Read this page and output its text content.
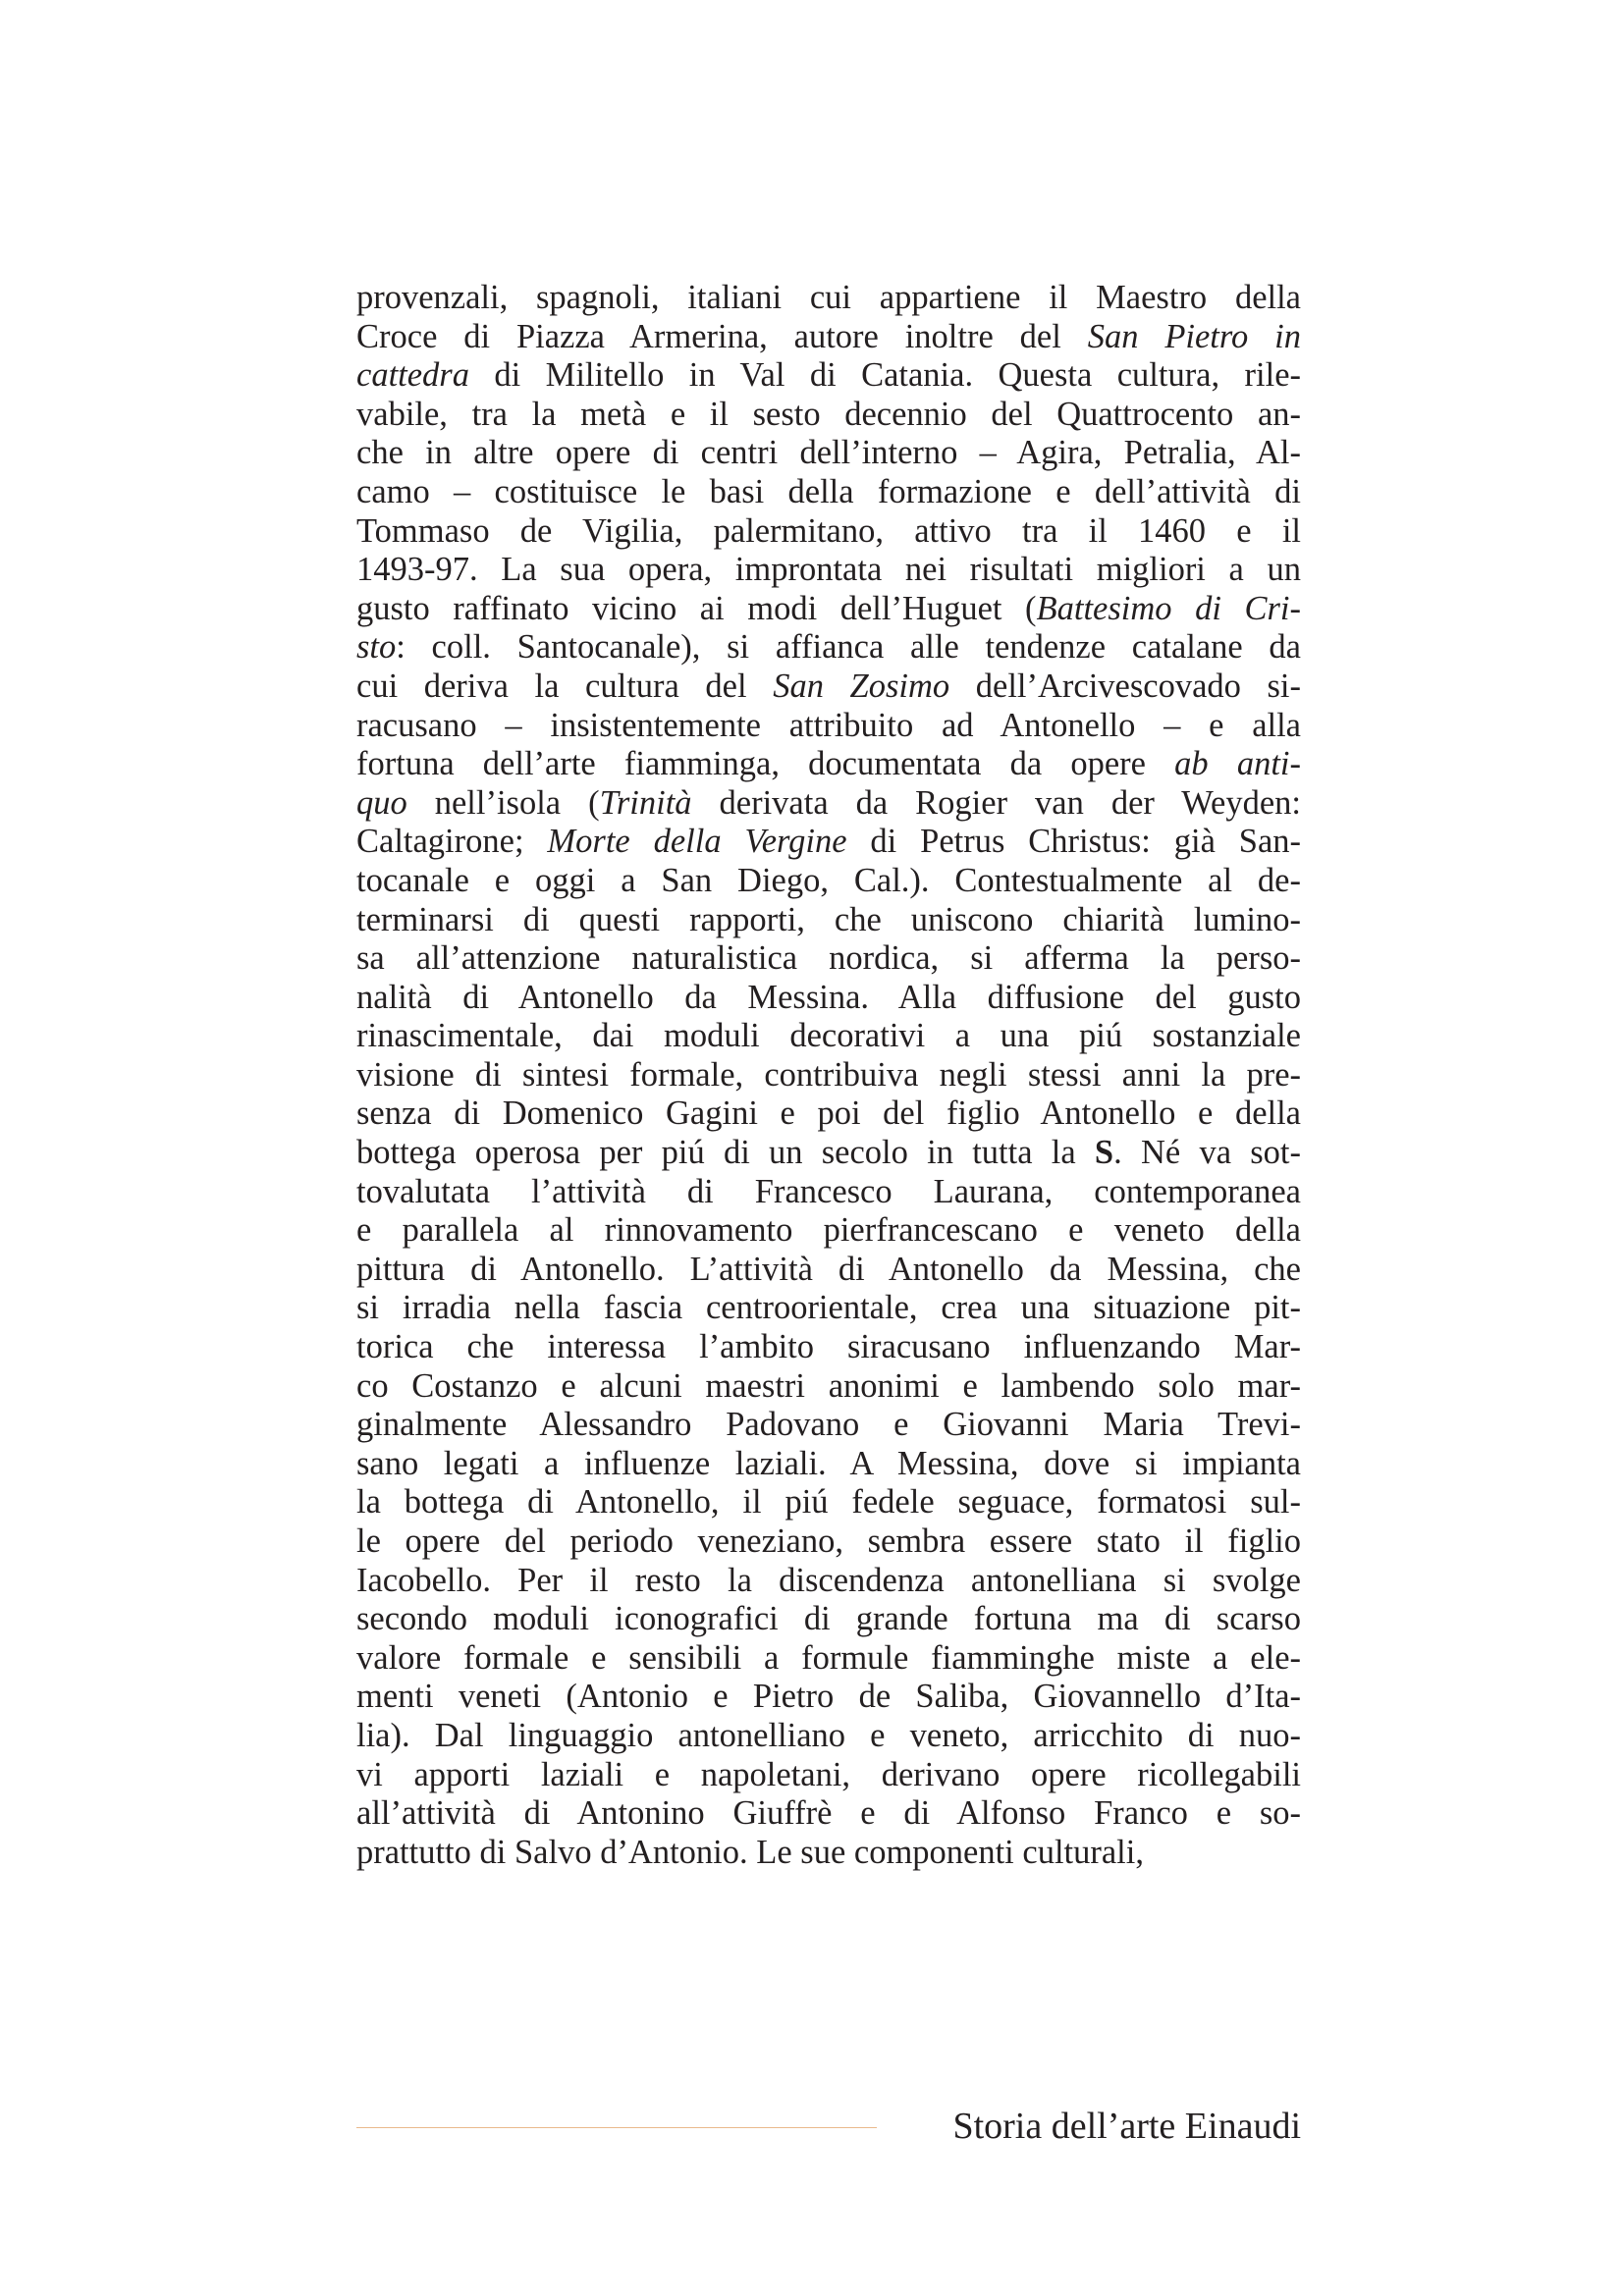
provenzali, spagnoli, italiani cui appartiene il Maestro della
Croce di Piazza Armerina, autore inoltre del San Pietro in
cattedra di Militello in Val di Catania. Questa cultura, rile-
vabile, tra la metà e il sesto decennio del Quattrocento an-
che in altre opere di centri dell’interno – Agira, Petralia, Al-
camo – costituisce le basi della formazione e dell’attività di
Tommaso de Vigilia, palermitano, attivo tra il 1460 e il
1493-97. La sua opera, improntata nei risultati migliori a un
gusto raffinato vicino ai modi dell’Huguet (Battesimo di Cri-
sto: coll. Santocanale), si affianca alle tendenze catalane da
cui deriva la cultura del San Zosimo dell’Arcivescovado si-
racusano – insistentemente attribuito ad Antonello – e alla
fortuna dell’arte fiamminga, documentata da opere ab anti-
quo nell’isola (Trinità derivata da Rogier van der Weyden:
Caltagirone; Morte della Vergine di Petrus Christus: già San-
tocanale e oggi a San Diego, Cal.). Contestualmente al de-
terminarsi di questi rapporti, che uniscono chiarità lumino-
sa all’attenzione naturalistica nordica, si afferma la perso-
nalità di Antonello da Messina. Alla diffusione del gusto
rinascimentale, dai moduli decorativi a una piú sostanziale
visione di sintesi formale, contribuiva negli stessi anni la pre-
senza di Domenico Gagini e poi del figlio Antonello e della
bottega operosa per piú di un secolo in tutta la S. Né va sot-
tovalutata l’attività di Francesco Laurana, contemporanea
e parallela al rinnovamento pierfrancescano e veneto della
pittura di Antonello. L’attività di Antonello da Messina, che
si irradia nella fascia centroorientale, crea una situazione pit-
torica che interessa l’ambito siracusano influenzando Mar-
co Costanzo e alcuni maestri anonimi e lambendo solo mar-
ginalmente Alessandro Padovano e Giovanni Maria Trevi-
sano legati a influenze laziali. A Messina, dove si impianta
la bottega di Antonello, il piú fedele seguace, formatosi sul-
le opere del periodo veneziano, sembra essere stato il figlio
Iacobello. Per il resto la discendenza antonelliana si svolge
secondo moduli iconografici di grande fortuna ma di scarso
valore formale e sensibili a formule fiamminghe miste a ele-
menti veneti (Antonio e Pietro de Saliba, Giovannello d’Ita-
lia). Dal linguaggio antonelliano e veneto, arricchito di nuo-
vi apporti laziali e napoletani, derivano opere ricollegabili
all’attività di Antonino Giuffrè e di Alfonso Franco e so-
prattutto di Salvo d’Antonio. Le sue componenti culturali,
Storia dell’arte Einaudi
